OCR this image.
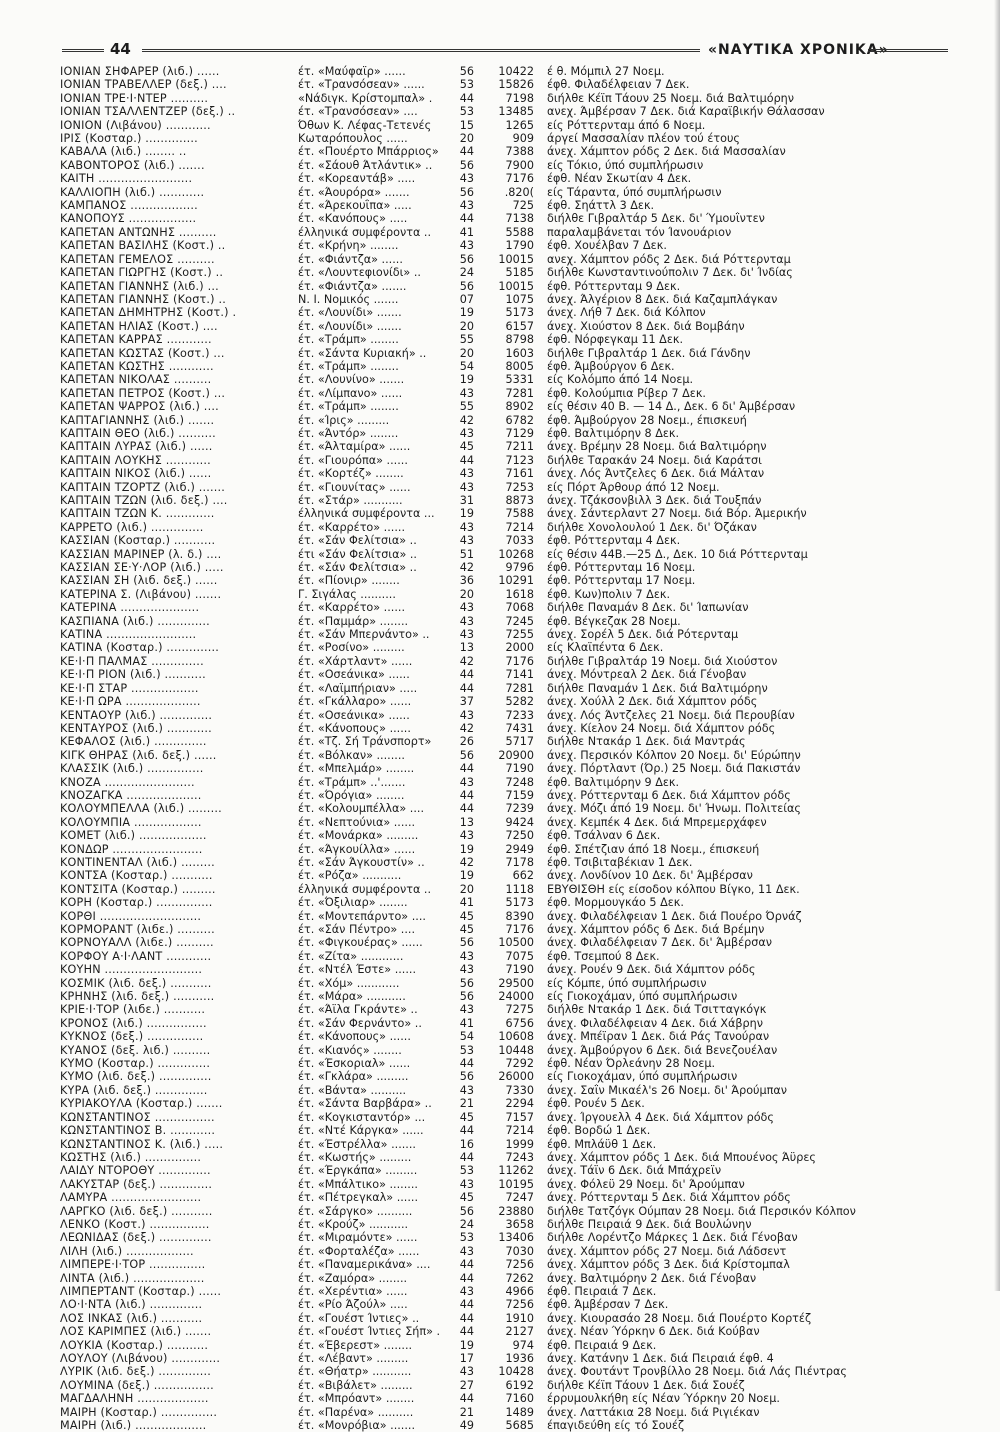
44	«ΝΑΥΤΙΚΑ ΧΡΟΝΙΚΑ»
ΙΟΝΙΑΝ ΣΗΦΑΡΕΡ (λιб.) ......	έτ. «Μαύφαϊρ» ......	56	10422 έ θ. Μόμπιλ 27 Νοεμ.
ΙΟΝΙΑΝ ΤΡΑΒΕΛΛΕΡ (δεξ.) ....	έτ. «Τρανσόσεαν» ......	53	15826 έφθ. Φιλαδέλφειαν 7 Δεκ.
ΙΟΝΙΑΝ ΤΡΕ·Ι·ΝΤΕΡ ..........	«Νάδιγκ. Κρίστομπαλ» .	44	7198 διήλθε Κέϊπ Τάουν 25 Νοεμ. διά Βαλτιμόρην
ΙΟΝΙΑΝ ΤΣΑΛΛΕΝΤΖΕΡ (δεξ.) ..	έτ. «Τρανσόσεαν» ....	53	13485 ανεχ. Άμβέρσαν 7 Δεκ. διά Καραϊβικήν Θάλασσαν
ΙΟΝΙΟΝ (Λιβάνου) ............	Όθων Κ. Λέφας-Τετενές	15	1265 είς Ρόττερνταμ άπό 6 Νοεμ.
ΙΡΙΣ (Κοσταρ.) ..............	Κωταρόπουλος ......	20	909 άργεί Μασσαλίαν πλέον τού έτους
ΚΑΒΑΛΑ (λιб.) ........ ..	έτ. «Πουέρτο Μπάρριος»	44	7388 άνεχ. Χάμπτον ρόδς 2 Δεκ. διά Μασσαλίαν
ΚΑΒΟΝΤΟΡΟΣ (λιб.) .......	έτ. «Σάουθ Άτλάντικ» ..	56	7900 είς Τόκιο, ύπό συμπλήρωσιν
ΚΑΙΤΗ .........................	έτ. «Κορεαντάβ» .....	43	7176 έφθ. Νέαν Σκωτίαν 4 Δεκ.
ΚΑΛΛΙΟΠΗ (λιб.) ............	έτ. «Άουρόρα» .......	56	.820( είς Τάραντα, ύπό συμπλήρωσιν
ΚΑΜΠΑΝΟΣ ..................	έτ. «Άρεκουΐπα» .....	43	725 έφθ. Σηάττλ 3 Δεκ.
ΚΑΝΟΠΟΥΣ ..................	έτ. «Κανόπους» .....	44	7138 διήλθε Γιβραλτάρ 5 Δεκ. δι' Ύμουΐντεν
ΚΑΠΕΤΑΝ ΑΝΤΩΝΗΣ ..........	έλληνικά συμφέροντα ..	41	5588 παραλαμβάνεται τόν Ίανουάριον
ΚΑΠΕΤΑΝ ΒΑΣΙΛΗΣ (Κοστ.) ..	έτ. «Κρήνη» ........	43	1790 έφθ. Χουέλβαν 7 Δεκ.
ΚΑΠΕΤΑΝ ΓΕΜΕΛΟΣ ..........	έτ. «Φιάντζα» ......	56	10015 ανεχ. Χάμπτον ρόδς 2 Δεκ. διά Ρόττερνταμ
ΚΑΠΕΤΑΝ ΓΙΩΡΓΗΣ (Κοστ.) ..	έτ. «Λουντεφιονίδι» ..	24	5185 διήλθε Κωνσταντινούπολιν 7 Δεκ. δι' Ίνδίας
ΚΑΠΕΤΑΝ ΓΙΑΝΝΗΣ (λιб.) ...	έτ. «Φιάντζα» .......	56	10015 έφθ. Ρόττερνταμ 9 Δεκ.
ΚΑΠΕΤΑΝ ΓΙΑΝΝΗΣ (Κοστ.) ..	Ν. Ι. Νομικός .......	07	1075 άνεχ. Άλγέριον 8 Δεκ. διά Καζαμπλάγκαν
ΚΑΠΕΤΑΝ ΔΗΜΗΤΡΗΣ (Κοστ.) .	έτ. «Λουνίδι» .......	19	5173 άνεχ. Λήθ 7 Δεκ. διά Κόλπον
ΚΑΠΕΤΑΝ ΗΛΙΑΣ (Κοστ.) ....	έτ. «Λουνίδι» .......	20	6157 άνεχ. Χιούστον 8 Δεκ. διά Βομβάην
ΚΑΠΕΤΑΝ ΚΑΡΡΑΣ ............	έτ. «Τράμπ» ........	55	8798 έφθ. Νόρφεγκαμ 11 Δεκ.
ΚΑΠΕΤΑΝ ΚΩΣΤΑΣ (Κοστ.) ...	έτ. «Σάντα Κυριακή» ..	20	1603 διήλθε Γιβραλτάρ 1 Δεκ. διά Γάνδην
ΚΑΠΕΤΑΝ ΚΩΣΤΗΣ ............	έτ. «Τράμπ» ........	54	8005 έφθ. Άμβούργον 6 Δεκ.
ΚΑΠΕΤΑΝ ΝΙΚΟΛΑΣ ..........	έτ. «Λουνίνο» .......	19	5331 είς Κολόμπο άπό 14 Νοεμ.
ΚΑΠΕΤΑΝ ΠΕΤΡΟΣ (Κοστ.) ...	έτ. «Λίμπανο» ......	43	7281 έφθ. Κολούμπια Ρίβερ 7 Δεκ.
ΚΑΠΕΤΑΝ ΨΑΡΡΟΣ (λιб.) ....	έτ. «Τράμπ» ........	55	8902 είς θέσιν 40 Β. — 14 Δ., Δεκ. 6 δι' Άμβέρσαν
ΚΑΠΤΑΓΙΑΝΝΗΣ (λιб.) .......	έτ. «Ίρις» .........	42	6782 έφθ. Άμβούργον 28 Νοεμ., έπισκευή
ΚΑΠΤΑΙΝ ΘΕΟ (λιб.) ..........	έτ. «Άντόρ» ........	43	7129 έφθ. Βαλτιμόρην 8 Δεκ.
ΚΑΠΤΑΙΝ ΛΥΡΑΣ (λιб.) ......	έτ. «Άλταμίρα» ......	45	7211 άνεχ. Βρέμην 28 Νοεμ. διά Βαλτιμόρην
ΚΑΠΤΑΙΝ ΛΟΥΚΗΣ ............	έτ. «Γιουρόπα» ......	44	7123 διήλθε Ταρακάν 24 Νοεμ. διά Καράτσι
ΚΑΠΤΑΙΝ ΝΙΚΟΣ (λιб.) ......	έτ. «Κορτέζ» ........	43	7161 άνεχ. Λός Άντζελες 6 Δεκ. διά Μάλταν
ΚΑΠΤΑΙΝ ΤΖΟΡΤΖ (λιб.) .......	έτ. «Γιουνίτας» ......	43	7253 είς Πόρτ Άρθουρ άπό 12 Νοεμ.
ΚΑΠΤΑΙΝ ΤΖΩΝ (λιб. δεξ.) ....	έτ. «Στάρ» ...........	31	8873 άνεχ. Τζάκσονβιλλ 3 Δεκ. διά Τουξπάν
ΚΑΠΤΑΙΝ ΤΖΩΝ Κ. .............	έλληνικά συμφέροντα ...	19	7588 άνεχ. Σάντερλαντ 27 Νοεμ. διά Βόρ. Άμερικήν
ΚΑΡΡΕΤΟ (λιб.) ..............	έτ. «Καρρέτο» ......	43	7214 διήλθε Χονολουλού 1 Δεκ. δι' Όζάκαν
ΚΑΣΣΙΑΝ (Κοσταρ.) ...........	έτ. «Σάν Φελίτσια» ..	43	7033 έφθ. Ρόττερνταμ 4 Δεκ.
ΚΑΣΣΙΑΝ ΜΑΡΙΝΕΡ (λ. δ.) ....	έτι «Σάν Φελίτσια» ..	51	10268 είς θέσιν 44Β.—25 Δ., Δεκ. 10 διά Ρόττερνταμ
ΚΑΣΣΙΑΝ ΣΕ·Υ·ΛΟΡ (λιб.) .....	έτ. «Σάν Φελίτσια» ..	42	9796 έφθ. Ρόττερνταμ 16 Νοεμ.
ΚΑΣΣΙΑΝ ΣΗ (λιб. δεξ.) ......	έτ. «Πίονιρ» ........	36	10291 έφθ. Ρόττερνταμ 17 Νοεμ.
ΚΑΤΕΡΙΝΑ Σ. (Λιβάνου) .......	Γ. Σιγάλας ..........	20	1618 έφθ. Κων)πολιν 7 Δεκ.
ΚΑΤΕΡΙΝΑ .....................	έτ. «Καρρέτο» ......	43	7068 διήλθε Παναμάν 8 Δεκ. δι' Ίαπωνίαν
ΚΑΣΠΙΑΝΑ (λιб.) ..............	έτ. «Παμμάρ» ........	43	7245 έφθ. Βέγκεζακ 28 Νοεμ.
ΚΑΤΙΝΑ ........................	έτ. «Σάν Μπερνάντο» ..	43	7255 άνεχ. Σορέλ 5 Δεκ. διά Ρότερνταμ
ΚΑΤΙΝΑ (Κοσταρ.) ..............	έτ. «Ροσίνο» .........	13	2000 είς Κλαϊπέντα 6 Δεκ.
ΚΕ·Ι·Π ΠΑΛΜΑΣ ..............	έτ. «Χάρτλαντ» ......	42	7176 διήλθε Γιβραλτάρ 19 Νοεμ. διά Χιούστον
ΚΕ·Ι·Π ΡΙΟΝ (λιб.) ...........	έτ. «Οσεάνικα» ......	44	7141 άνεχ. Μόντρεαλ 2 Δεκ. διά Γένοβαν
ΚΕ·Ι·Π ΣΤΑΡ ..................	έτ. «Λαϊμπήριαν» .....	44	7281 διήλθε Παναμάν 1 Δεκ. διά Βαλτιμόρην
ΚΕ·Ι·Π ΩΡΑ ....................	έτ. «Γκάλλαρο» ......	37	5282 άνεχ. Χούλλ 2 Δεκ. διά Χάμπτον ρόδς
ΚΕΝΤΑΟΥΡ (λιб.) ..............	έτ. «Οσεάνικα» ......	43	7233 άνεχ. Λός Άντζελες 21 Νοεμ. διά Περουβίαν
ΚΕΝΤΑΥΡΟΣ (λιб.) ............	έτ. «Κάνοπους» ......	42	7431 άνεχ. Κίελον 24 Νοεμ. διά Χάμπτον ρόδς
ΚΕΦΑΛΟΣ (λιб.) ..............	έτ. «Τζ. Σή Τράνσπορτ»	26	5717 διήλθε Ντακάρ 1 Δεκ. διά Μαντράς
ΚΙΓΚ ΘΗΡΑΣ (λιб. δεξ.) ......	έτ. «Βόλκαν» ........	56	20900 άνεχ. Περσικόν Κόλπον 20 Νοεμ. δι' Εύρώπην
ΚΛΑΣΣΙΚ (λιб.) ...............	έτ. «Μπελμάρ» ........	44	7190 άνεχ. Πόρτλαντ (Όρ.) 25 Νοεμ. διά Πακιστάν
ΚΝΟΖΑ ........................	έτ. «Τράμπ» ..'.......	43	7248 έφθ. Βαλτιμόρην 9 Δεκ.
ΚΝΟΖΑΓΚΑ ....................	έτ. «Όρόγια» ........	44	7159 άνεχ. Ρόττερνταμ 6 Δεκ. διά Χάμπτον ρόδς
ΚΟΛΟΥΜΠΕΛΛΑ (λιб.) .........	έτ. «Κολουμπέλλα» ....	44	7239 άνεχ. Μόζι άπό 19 Νοεμ. δι' Ήνωμ. Πολιτείας
ΚΟΛΟΥΜΠΙΑ ..................	έτ. «Νεπτούνια» ......	13	9424 άνεχ. Κεμπέκ 4 Δεκ. διά Μπρεμερχάφεν
ΚΟΜΕΤ (λιб.) ..................	έτ. «Μονάρκα» .........	43	7250 έφθ. Τσάλναν 6 Δεκ.
ΚΟΝΔΩΡ ........................	έτ. «Άγκουίλλα» ......	19	2949 έφθ. Σπέτζιαν άπό 18 Νοεμ., έπισκευή
ΚΟΝΤΙΝΕΝΤΑΛ (λιб.) .........	έτ. «Σάν Άγκουστίν» ..	42	7178 έφθ. Τσιβιταβέκιαν 1 Δεκ.
ΚΟΝΤΣΑ (Κοσταρ.) ...........	έτ. «Ρόζα» ...........	19	662 άνεχ. Λονδίνον 10 Δεκ. δι' Άμβέρσαν
ΚΟΝΤΣΙΤΑ (Κοσταρ.) .........	έλληνικά συμφέροντα ..	20	1118 ΕΒΥΘΙΣΘΗ είς είσοδον κόλπου Βίγκο, 11 Δεκ.
ΚΟΡΗ (Κοσταρ.) ...............	έτ. «Όξιλιαρ» ........	41	5173 έφθ. Μορμουγκάο 5 Δεκ.
ΚΟΡΘΙ ...........................	έτ. «Μοντεπάρντο» ....	45	8390 άνεχ. Φιλαδέλφειαν 1 Δεκ. διά Πουέρο Όρνάζ
ΚΟΡΜΟΡΑΝΤ (λιбε.) ..........	έτ. «Σάν Πέντρο» ....	45	7176 άνεχ. Χάμπτον ρόδς 6 Δεκ. διά Βρέμην
ΚΟΡΝΟΥΑΛΛ (λιбε.) ..........	έτ. «Φιγκουέρας» ......	56	10500 άνεχ. Φιλαδέλφειαν 7 Δεκ. δι' Άμβέρσαν
ΚΟΡΦΟΥ Α·Ι·ΛΑΝΤ ............	έτ. «Ζίτα» ............	43	7075 έφθ. Τσεμπού 8 Δεκ.
ΚΟΥΗΝ ..........................	έτ. «Ντέλ Έστε» ......	43	7190 άνεχ. Ρουέν 9 Δεκ. διά Χάμπτον ρόδς
ΚΟΣΜΙΚ (λιб. δεξ.) ...........	έτ. «Χόμ» ............	56	29500 είς Κόμπε, ύπό συμπλήρωσιν
ΚΡΗΝΗΣ (λιб. δεξ.) ...........	έτ. «Μάρα» ...........	56	24000 είς Γιοκοχάμαν, ύπό συμπλήρωσιν
ΚΡΙΕ·Ι·ΤΟΡ (λιбε.) ...........	έτ. «Άϊλα Γκράντε» ..	43	7275 διήλθε Ντακάρ 1 Δεκ. διά Τσιτταγκόγκ
ΚΡΟΝΟΣ (λιб.) ................	έτ. «Σάν Φερνάντο» ..	41	6756 άνεχ. Φιλαδέλφειαν 4 Δεκ. διά Χάβρην
ΚΥΚΝΟΣ (δεξ.) ...............	έτ. «Κάνοπους» ......	54	10608 άνεχ. Μπέϊραν 1 Δεκ. διά Ράς Τανούραν
ΚΥΑΝΟΣ (δεξ. λιб.) ..........	έτ. «Κιανός» ........	53	10448 άνεχ. Άμβούργον 6 Δεκ. διά Βενεζουέλαν
ΚΥΜΟ (Κοσταρ.) ..............	έτ. «Έσκοριαλ» ......	44	7292 έφθ. Νέαν Όρλεάνην 28 Νοεμ.
ΚΥΜΟ (λιб. δεξ.) ..............	έτ. «Γκλάρα» .........	56	26000 είς Γιοκοχάμαν, ύπό συμπλήρωσιν
ΚΥΡΑ (λιб. δεξ.) ..............	έτ. «Βάντα» ..........	43	7330 άνεχ. Σαΐν Μικαέλ's 26 Νοεμ. δι' Άρούμπαν
ΚΥΡΙΑΚΟΥΛΑ (Κοσταρ.) .......	έτ. «Σάντα Βαρβάρα» ..	21	2294 έφθ. Ρουέν 5 Δεκ.
ΚΩΝΣΤΑΝΤΙΝΟΣ ................	έτ. «Κογκισταντόρ» ...	45	7157 άνεχ. Ίργουελλ 4 Δεκ. διά Χάμπτον ρόδς
ΚΩΝΣΤΑΝΤΙΝΟΣ Β. ............	έτ. «Ντέ Κάργκα» ......	44	7214 έφθ. Βορδώ 1 Δεκ.
ΚΩΝΣΤΑΝΤΙΝΟΣ Κ. (λιб.) .....	έτ. «Έστρέλλα» .......	16	1999 έφθ. Μπλάϋθ 1 Δεκ.
ΚΩΣΤΗΣ (λιб.) ...............	έτ. «Κωστής» .........	44	7243 άνεχ. Χάμπτον ρόδς 1 Δεκ. διά Μπουένος Άϋρες
ΛΑΙΔΥ ΝΤΟΡΟΘΥ ..............	έτ. «Έργκάπα» .........	53	11262 άνεχ. Τάϊν 6 Δεκ. διά Μπάχρεϊν
ΛΑΚΥΣΤΑΡ (δεξ.) ..............	έτ. «Μπάλτικο» ........	43	10195 άνεχ. Φόλεϋ 29 Νοεμ. δι' Άρούμπαν
ΛΑΜΥΡΑ ........................	έτ. «Πέτρεγκαλ» ......	45	7247 άνεχ. Ρόττερνταμ 5 Δεκ. διά Χάμπτον ρόδς
ΛΑΡΓΚΟ (λιб. δεξ.) ...........	έτ. «Σάργκο» ..........	56	23880 διήλθε Τατζόγκ Ούμπαν 28 Νοεμ. διά Περσικόν Κόλπον
ΛΕΝΚΟ (Κοστ.) ................	έτ. «Κρούζ» ...........	24	3658 διήλθε Πειραιά 9 Δεκ. διά Βουλώνην
ΛΕΩΝΙΔΑΣ (δεξ.) ..............	έτ. «Μιραμόντε» ......	53	13406 διήλθε Λορέντζο Μάρκες 1 Δεκ. διά Γένοβαν
ΛΙΛΗ (λιб.) ..................	έτ. «Φορταλέζα» ......	43	7030 άνεχ. Χάμπτον ρόδς 27 Νοεμ. διά Λάδσεντ
ΛΙΜΠΕΡΕ·Ι·ΤΟΡ ...............	έτ. «Παναμερικάνα» ....	44	7256 άνεχ. Χάμπτον ρόδς 3 Δεκ. διά Κρίστομπαλ
ΛΙΝΤΑ (λιб.) ...................	έτ. «Ζαμόρα» ........	44	7262 άνεχ. Βαλτιμόρην 2 Δεκ. διά Γένοβαν
ΛΙΜΠΕΡΤΑΝΤ (Κοσταρ.) ......	έτ. «Χερέντια» ......	43	4966 έφθ. Πειραιά 7 Δεκ.
ΛΟ·Ι·ΝΤΑ (λιб.) ..............	έτ. «Ρίο Άζούλ» .....	44	7256 έφθ. Άμβέρσαν 7 Δεκ.
ΛΟΣ ΙΝΚΑΣ (λιб.) ...........	έτ. «Γουέστ Ίντιες» ..	44	1910 άνεχ. Κιουρασάο 28 Νοεμ. διά Πουέρτο Κορτέζ
ΛΟΣ ΚΑΡΙΜΠΕΣ (λιб.) .......	έτ. «Γουέστ Ίντιες Σήπ» .	44	2127 άνεχ. Νέαν Ύόρκην 6 Δεκ. διά Κούβαν
ΛΟΥΚΙΑ (Κοσταρ.) ...........	έτ. «Έβερεστ» ........	19	974 έφθ. Πειραιά 9 Δεκ.
ΛΟΥΛΟΥ (Λιβάνου) .............	έτ. «Λέβαντ» .........	17	1936 άνεχ. Κατάνην 1 Δεκ. διά Πειραιά έφθ. 4
ΛΥΡΙΚ (λιб. δεξ.) ..............	έτ. «Θήατρ» ...........	43	10428 άνεχ. Φουτάντ Τρονβίλλο 28 Νοεμ. διά Λάς Πιέντρας
ΛΟΥΜΙΝΑ (δεξ.) ................	έτ. «Βιβάλετ» .........	27	6192 διήλθε Κέϊπ Τάουν 1 Δεκ. διά Σουέζ
ΜΑΓΔΑΛΗΝΗ ...................	έτ. «Μπρόαντ» ........	44	7160 έρρυμουλκήθη είς Νέαν Ύόρκην 20 Νοεμ.
ΜΑΙΡΗ (Κοσταρ.) ...............	έτ. «Παρένα» ..........	21	1489 άνεχ. Λαττάκια 28 Νοεμ. διά Ριγιέκαν
ΜΑΙΡΗ (λιб.) ...................	έτ. «Μονρόβια» .......	49	5685 έπαγιδεύθη είς τό Σουέζ
